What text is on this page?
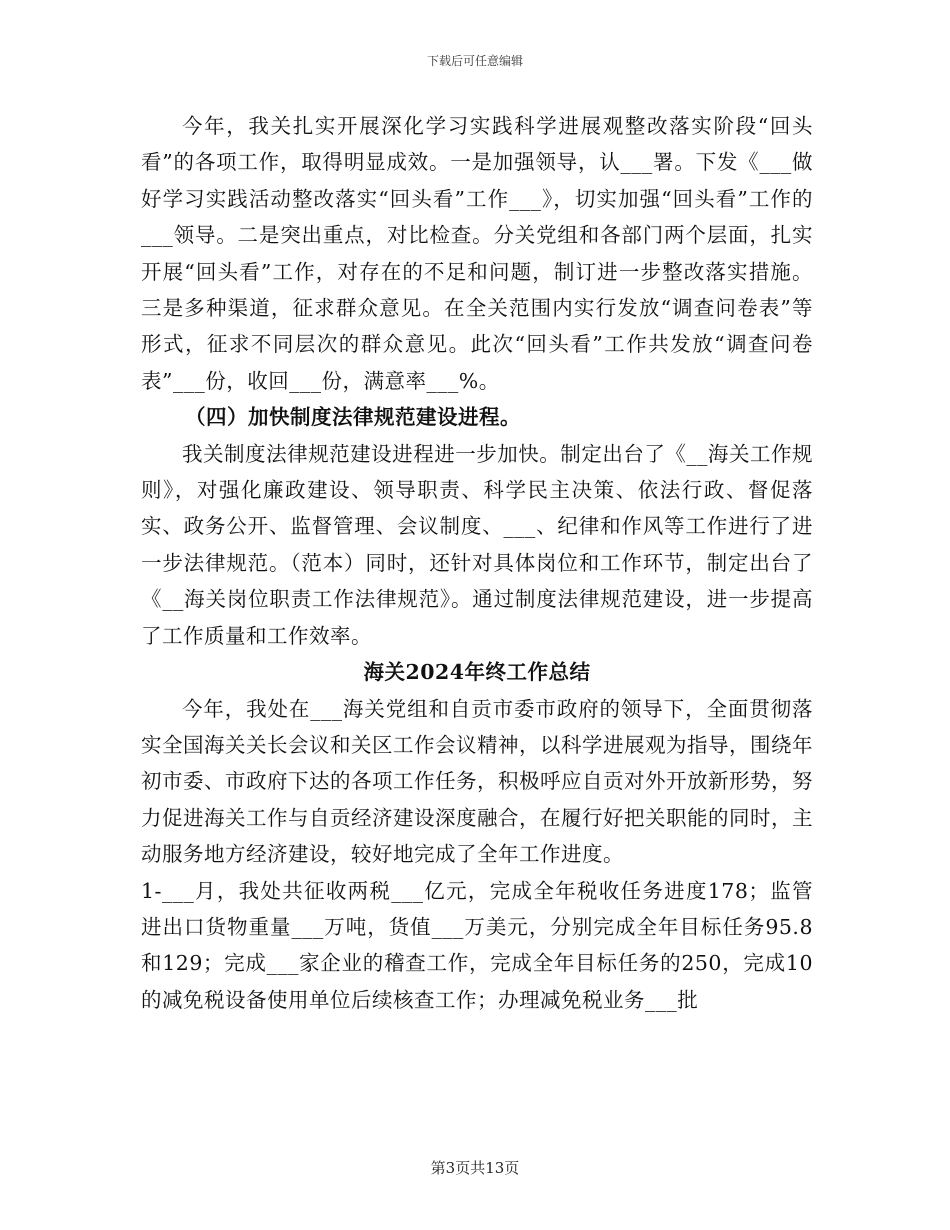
下载后可任意编辑

今年，我关扎实开展深化学习实践科学进展观整改落实阶段“回头看”的各项工作，取得明显成效。一是加强领导，认___署。下发《___做好学习实践活动整改落实“回头看”工作___》，切实加强“回头看”工作的___领导。二是突出重点，对比检查。分关党组和各部门两个层面，扎实开展“回头看”工作，对存在的不足和问题，制订进一步整改落实措施。三是多种渠道，征求群众意见。在全关范围内实行发放“调查问卷表”等形式，征求不同层次的群众意见。此次“回头看”工作共发放“调查问卷表”___份，收回___份，满意率___%。

（四）加快制度法律规范建设进程。

我关制度法律规范建设进程进一步加快。制定出台了《__海关工作规则》，对强化廉政建设、领导职责、科学民主决策、依法行政、督促落实、政务公开、监督管理、会议制度、___、纪律和作风等工作进行了进一步法律规范。（范本）同时，还针对具体岗位和工作环节，制定出台了《__海关岗位职责工作法律规范》。通过制度法律规范建设，进一步提高了工作质量和工作效率。

海关2024年终工作总结

今年，我处在___海关党组和自贡市委市政府的领导下，全面贯彻落实全国海关关长会议和关区工作会议精神，以科学进展观为指导，围绕年初市委、市政府下达的各项工作任务，积极呼应自贡对外开放新形势，努力促进海关工作与自贡经济建设深度融合，在履行好把关职能的同时，主动服务地方经济建设，较好地完成了全年工作进度。

1-___月，我处共征收两税___亿元，完成全年税收任务进度178；监管进出口货物重量___万吨，货值___万美元，分别完成全年目标任务95.8和129；完成___家企业的稽查工作，完成全年目标任务的250，完成10的减免税设备使用单位后续核查工作；办理减免税业务___批

第3页共13页
